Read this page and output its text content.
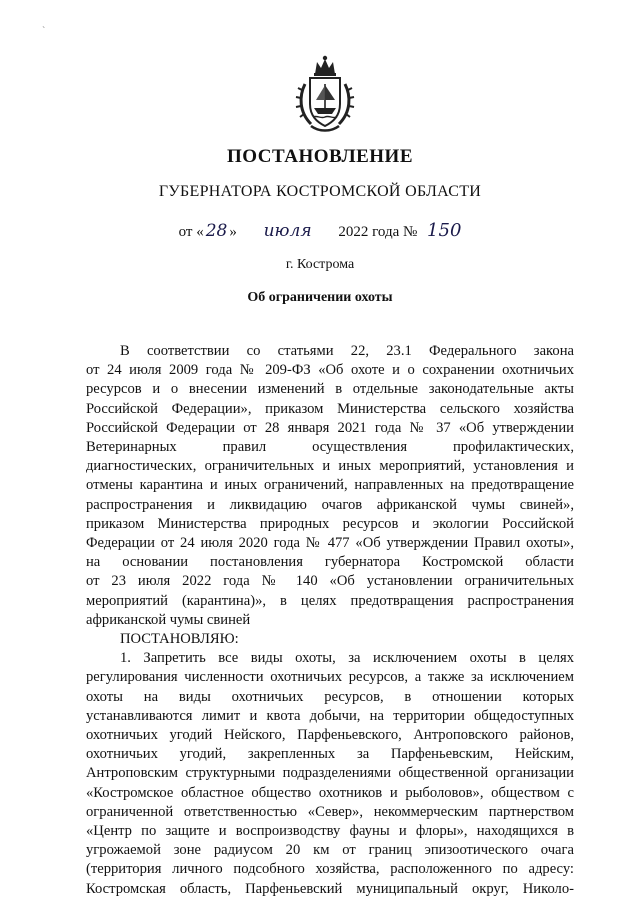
`
ПОСТАНОВЛЕНИЕ
ГУБЕРНАТОРА КОСТРОМСКОЙ ОБЛАСТИ
от « 28 » июля 2022 года № 150
г. Кострома
Об ограничении охоты

В соответствии со статьями 22, 23.1 Федерального закона

от 24 июля 2009 года № 209-ФЗ «Об охоте и о сохранении охотничьих

ресурсов и о внесении изменений в отдельные законодательные акты

Российской Федерации», приказом Министерства сельского хозяйства

Российской Федерации от 28 января 2021 года № 37 «Об утверждении

Ветеринарных правил осуществления профилактических,

диагностических, ограничительных и иных мероприятий, установления и

отмены карантина и иных ограничений, направленных на предотвращение

распространения и ликвидацию очагов африканской чумы свиней»,

приказом Министерства природных ресурсов и экологии Российской

Федерации от 24 июля 2020 года № 477 «Об утверждении Правил охоты»,

на основании постановления губернатора Костромской области

от 23 июля 2022 года № 140 «Об установлении ограничительных

мероприятий (карантина)», в целях предотвращения распространения

африканской чумы свиней

ПОСТАНОВЛЯЮ:

1. Запретить все виды охоты, за исключением охоты в целях

регулирования численности охотничьих ресурсов, а также за исключением

охоты на виды охотничьих ресурсов, в отношении которых

устанавливаются лимит и квота добычи, на территории общедоступных

охотничьих угодий Нейского, Парфеньевского, Антроповского районов,

охотничьих угодий, закрепленных за Парфеньевским, Нейским,

Антроповским структурными подразделениями общественной организации

«Костромское областное общество охотников и рыболовов», обществом с

ограниченной ответственностью «Север», некоммерческим партнерством

«Центр по защите и воспроизводству фауны и флоры», находящихся в

угрожаемой зоне радиусом 20 км от границ эпизоотического очага

(территория личного подсобного хозяйства, расположенного по адресу:

Костромская область, Парфеньевский муниципальный округ, Николо-
